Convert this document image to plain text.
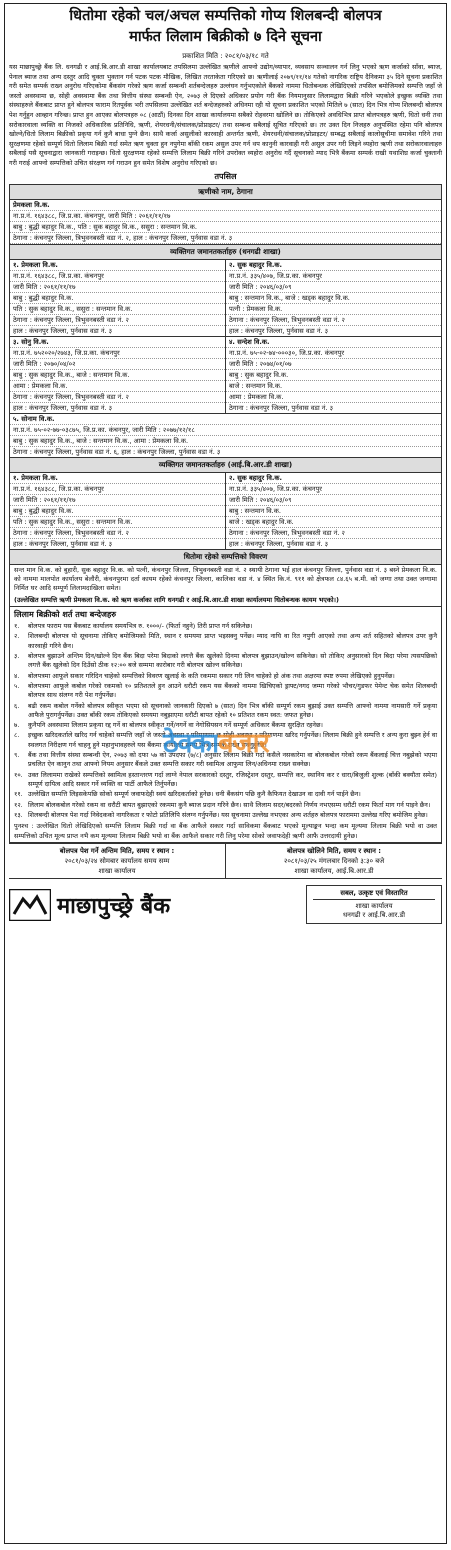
धितोमा रहेको चल/अचल सम्पत्तिको गोप्य शिलबन्दी बोलपत्र
मार्फत लिलाम बिक्रीको ७ दिने सूचना
प्रकाशित मिति : २०८१/०३/१८ गते
यस माछापुच्छ्रे बैंक लि. धनगढी र आई.बि.आर.डी शाखा कार्यालयबाट तपसिलमा उल्लेखित ऋणीले आफ्नो उद्योग/व्यापार, व्यवसाय सञ्चालन गर्न लिनु भएको ऋण कर्जाको साँवा, ब्याज, पेनाल ब्याज तथा अन्य दस्तुर आदि चुक्ता भुक्तान गर्न पटक पटक मौखिक, लिखित तरताकेता गरिएको छ। ऋणीलाई २०७९/११/१४ गतेको नागरिक राष्ट्रिय दैनिकमा ३५ दिने सूचना प्रकाशित गरी समेत सम्पर्क राख्न अनुरोध गरिएकोमा बैंकसंग गरेको ऋण कर्जा सम्बन्धी शर्तबन्देजहरु उल्लंघन गर्नुभएकोले बैंकको नाममा धितोबन्धक लेखिदिएको तपसिल बमोजिमको सम्पत्ति जहाँ जे जस्तो अवस्थामा छ, सोही अवस्थामा बैंक तथा वित्तीय संस्था सम्बन्धी ऐन, २०७३ ले दिएको अधिकार प्रयोग गरी बैंक नियमानुसार लिलामद्वारा बिक्री गरिने भएकोले इच्छुक व्यक्ति तथा संस्थाहरुले बैंकबाट प्राप्त हुने बोलपत्र फाराम रितपूर्वक भरी तपसिलमा उल्लेखित शर्त बन्देजहरुको अधिनमा रही यो सूचना प्रकाशित भएको मितिले ७ (सात) दिन भित्र गोप्य शिलबन्दी बोलपत्र पेश गर्नुहुन आव्हान गरिन्छ। प्राप्त हुन आएका बोलपत्रहरु ०८ (आठौं) दिनका दिन शाखा कार्यालयमा सबैको रोहवरमा खोलिने छ। तोकिएको अवधिभित्र प्राप्त बोलपत्रहरु ऋणी, धितो धनी तथा सरोकारवाला व्यक्ति वा निजको अधिकारिक प्रतिनिधि, ऋणी, शेयरधनी/संचालक/प्रोप्राइटर/ तथा सम्बन्ध सबैलाई सूचित गरिएको छ। तर उक्त दिन निजहरु अनुपस्थित रहेमा पनि बोलपत्र खोल्ने/धितो लिलाम बिक्रीको प्रकृया गर्न कुनै बाधा पुग्ने छैन। साथै कर्जा असुलीको कारवाही अन्तर्गत ऋणी, शेयरधनी/संचालक/प्रोप्राइटर/ सम्बद्ध सबैलाई कालोसूचीमा समावेश गरिने तथा सुरक्षणमा रहेको सम्पूर्ण धितो लिलाम बिक्री गर्दा समेत ऋण चुक्ता हुन नपुगेमा बाँकी रकम असुल उपर गर्न थप कानुनी कारवाही गरी असुल उपर गरी लिइने व्यहोरा ऋणी तथा सरोकारवालाहरु सबैलाई यसै सूचनाद्वारा जानकारी गराइन्छ। धितो सुरक्षणमा रहेको सम्पत्ति लिलाम बिक्री गरिने उपरोक्त व्यहोरा अनुरोध गर्दै सूचनाको म्याद भित्रै बैंकमा सम्पर्क राखी यथाशिघ्र कर्जा चुक्तानी गरी गराई आफ्नो सम्पत्तिको उचित संरक्षण गर्न गराउन हुन समेत विशेष अनुरोध गरिएको छ।
तपसिल
ऋणीको नाम, ठेगाना
प्रेमकला वि.क.
ना.प्र.नं. १६४३८८, जि.प्र.का. कंचनपुर, जारी मिति : २०६१/११/१७
बाबु : बुद्धी बहादुर वि.क., पति : सुक बहादुर वि.क., ससुरा : सन्तमान वि.क.
ठेगाना : कंचनपुर जिल्ला, त्रिभुवनबस्ती वडा नं. २, हाल : कंचनपुर जिल्ला, पुर्नवास वडा नं. ३
व्यक्तिगत जमानतकर्ताहरु (धनगढी शाखा)
१. प्रेमकला वि.क.
ना.प्र.नं. १६४३८८, जि.प्र.का. कंचनपुर
जारी मिति : २०६१/११/१७
बाबु : बुद्धी बहादुर वि.क.
पति : सुक बहादुर वि.क., ससुरा : सन्तमान वि.क.
ठेगाना : कंचनपुर जिल्ला, त्रिभुवनबस्ती वडा नं. २
हाल : कंचनपुर जिल्ला, पुर्नवास वडा नं. ३
२. सुक बहादुर वि.क.
ना.प्र.नं. ३३५/४०७, जि.प्र.का. कंचनपुर
जारी मिति : २०४६/०३/०९
बाबु : सन्तमान वि.क., बाजे : खड्क बहादुर वि.क.
पत्नी : प्रेमकला वि.क.
ठेगाना : कंचनपुर जिल्ला, त्रिभुवनबस्ती वडा नं. २
हाल : कंचनपुर जिल्ला, पुर्नवास वडा नं. ३
३. सोनु वि.क.
ना.प्र.नं. ७५२०२०/२७४३, जि.प्र.का. कंचनपुर
जारी मिति : २०७०/०४/०२
बाबु : सुक बहादुर वि.क., बाजे : सन्तमान वि.क.
आमा : प्रेमकला वि.क.
ठेगाना : कंचनपुर जिल्ला, त्रिभुवनबस्ती वडा नं. २
हाल : कंचनपुर जिल्ला, पुर्नवास वडा नं. ३
४. सन्देश वि.क.
ना.प्र.नं. ७५-०२-७४-०००३०, जि.प्र.का. कंचनपुर
जारी मिति : २०७४/०१/०७
बाबु : सुक बहादुर वि.क.
बाजे : सन्तमान वि.क.
आमा : प्रेमकला वि.क.
ठेगाना : कंचनपुर जिल्ला, पुर्नवास वडा नं. ३
५. सोनाम वि.क.
ना.प्र.नं. ७५-०२-७७-०३८७५, जि.प्र.का. कंचनपुर, जारी मिति : २०७७/१२/१८
बाबु : सुक बहादुर वि.क., बाजे : सन्तमान वि.क., आमा : प्रेमकला वि.क.
ठेगाना : कंचनपुर जिल्ला, पुर्नवास वडा नं. ६, हाल : कंचनपुर जिल्ला, पुर्नवास वडा नं. ३
व्यक्तिगत जमानतकर्ताहरु (आई.बि.आर.डी शाखा)
१. प्रेमकला वि.क.
ना.प्र.नं. १६४३८८, जि.प्र.का. कंचनपुर
जारी मिति : २०६१/११/१७
बाबु : बुद्धी बहादुर वि.क.
पति : सुक बहादुर वि.क., ससुरा : सन्तमान वि.क.
ठेगाना : कंचनपुर जिल्ला, त्रिभुवनबस्ती वडा नं. २
हाल : कंचनपुर जिल्ला, पुर्नवास वडा नं. ३
२. सुक बहादुर वि.क.
ना.प्र.नं. ३३५/४०७, जि.प्र.का. कंचनपुर
जारी मिति : २०४६/०३/०९
बाबु : सन्तमान वि.क.
बाजे : खड्क बहादुर वि.क.
ठेगाना : कंचनपुर जिल्ला, त्रिभुवनबस्ती वडा नं. २
हाल : कंचनपुर जिल्ला, पुर्नवास वडा नं. ३
धितोमा रहेको सम्पत्तिको विवरण
सन्त मान वि.क. को बुहारी, सुक बहादुर वि.क. को पत्नी, कंचनपुर जिल्ला, त्रिभुवनबस्ती वडा नं. २ स्थायी ठेगाना भई हाल कंचनपुर जिल्ला, पुर्नवास वडा नं. ३ बस्ने प्रेमकला वि.क. को नाममा मालपोत कार्यालय बेलौरी, कंचनपुरमा दर्ता कायम रहेको कंचनपुर जिल्ला, कालिका वडा नं. ४ स्थित कि.नं. ९११ को क्षेत्रफल ८४.६५ ब.मी. को जग्गा तथा उक्त जग्गामा निर्मित घर आदि सम्पूर्ण लिलामदाखिला समेत।
(उल्लेखित सम्पत्ति ऋणी प्रेमकला वि.क. को ऋण कर्जाका लागि धनगढी र आई.बि.आर.डी शाखा कार्यालयमा धितोबन्धक कायम भएको।)
लिलाम बिक्रीको शर्त तथा बन्देजहरु
१.	बोलपत्र फाराम यस बैंकबाट कार्यालय समयभित्र रु. १०००/- (फिर्ता नहुने) तिरी प्राप्त गर्न सकिनेछ।
२.	शिलबन्दी बोलपत्र यो सूचनामा तोकिए बमोजिमको मिति, स्थान र समयमा प्राप्त भइसक्नु पर्नेछ। म्याद नाघि वा रित नपुगी आएको तथा अन्य शर्त सहितको बोलपत्र उपर कुनै कारवाही गरिने छैन।
३.	बोलपत्र बुझाउने अन्तिम दिन/खोल्ने दिन बैंक बिदा परेमा बिदाको लगत्तै बैंक खुलेको दिनमा बोलपत्र बुझाउन/खोल्न सकिनेछ। सो तोकिए अनुसारको दिन बिदा परेमा त्यसपछिको लगत्तै बैंक खुलेको दिन दिउँसो ठीक १२:०० बजे सम्ममा कारोबार गरी बोलपत्र खोल्न सकिनेछ।
४.	बोलपत्रमा आफूले सकार गरिदिन चाहेको सम्पत्तिको विवरण खुलाई के कति रकममा सकार गरी लिन चाहेको हो अंक तथा अक्षरमा स्पष्ट रुपमा लेखिएको हुनुपर्नेछ।
५.	बोलपत्रमा आफूले कबोल गरेको रकमको १० प्रतिशतले हुन आउने धरौटी रकम यस बैंकको नाममा खिचिएको ड्राफ्ट/नगद जम्मा गरेको भौचर/गुडफर पेमेन्ट चेक समेत शिलबन्दी बोलपत्र साथ संलग्न गरी पेश गर्नुपर्नेछ।
६.	बढी रकम कबोल गर्नेको बोलपत्र स्वीकृत भएमा सो सूचनाको जानकारी दिएको ७ (सात) दिन भित्र बाँकी सम्पूर्ण रकम बुझाई उक्त सम्पत्ति आफ्नो नाममा नामसारी गर्ने प्रकृया आफैले पुरागर्नुपर्नेछ। उक्त बाँकी रकम तोकिएको समयमा नबुझाएमा धरौटी बापत रहेको १० प्रतिशत रकम स्वत: जफत हुनेछ।
७.	कुनैपनि अवस्थामा लिलाम प्रकृया रद्द गर्ने वा बोलपत्र स्वीकृत गर्ने/नगर्ने वा नेगोसियसन गर्ने सम्पूर्ण अधिकार बैंकमा सुरक्षित रहनेछ।
८.	इच्छुक खरिदकर्ताले खरिद गर्न चाहेको सम्पत्ति जहाँ जे जस्तो अवस्था र परिमाणमा छ सोही अवस्था र परिमाणमा खरिद गर्नुपर्नेछ। लिलाम बिक्री हुने सम्पत्ति र अन्य कुरा बुझ्न हेर्न वा स्थलगत निरीक्षण गर्न चाहनु हुने महानुभावहरुले यस बैंकमा कार्यालय समय भित्र सम्पर्क राख्न सक्नुहुनेछ।
९.	बैंक तथा वित्तीय संस्था सम्बन्धी ऐन, २०७३ को दफा ५७ को उपदफा (७/८) अनुसार लिलाम बिक्री गर्दा कसैले नसकारेमा वा बोलकबोल गरेको रकम बैंकलाई चित्त नबुझेको भएमा प्रचलित ऐन कानुन तथा आफ्नो नियम अनुसार बैंकले उक्त सम्पत्ति सकार गरी स्वामित्व आफुमा लिन/अधिनमा राख्न सक्नेछ।
१०. उक्त लिलाममा राखेको सम्पत्तिको स्वामित्व हस्तान्तरण गर्दा लाग्ने नेपाल सरकारको दस्तुर, रजिस्ट्रेशन दस्तुर, सम्पत्ति कर, स्थानिय कर र धारा/बिजुली शुल्क (बाँकी बक्यौता समेत) सम्पूर्ण दायित्व आदि सकार गर्ने व्यक्ति वा पार्टी आफैले तिर्नुपर्नेछ।
११. उल्लेखित सम्पत्ति लिइसकेपछि सोको सम्पूर्ण जवाफदेही स्वयं खरिदकर्ताको हुनेछ। धनी बैंकसंग पछि कुनै कैफियत देखाउन वा दावी गर्न पाईने छैन।
१२. लिलाम बोलकबोल गरेको रकम वा धरौटी बापत बुझाएको रकममा कुनै ब्याज प्रदान गरिने छैन। साथै लिलाम सदर/बदरको निर्णय नभएसम्म धरौटी रकम फिर्ता माग गर्न पाइने छैन।
१३. शिलबन्दी बोलपत्र पेश गर्दा निवेदकको नागरिकता र फोटो प्रतिलिपि संलग्न गर्नुपर्नेछ। यस सूचनामा उल्लेख नभएका अन्य शर्तहरु बोलपत्र फाराममा उल्लेख गरिए बमोजिम हुनेछ।
पुनश्च : उल्लेखित धितो लेखिदिएको सम्पत्ति लिलाम बिक्री गर्दा वा बैंक आफैले सकार गर्दा साविकमा बैंकबाट भएको मूल्याङ्कन भन्दा कम मूल्यमा लिलाम बिक्री भयो वा उक्त सम्पत्तिको उचित मूल्य प्राप्त नभै कम मूल्यमा लिलाम बिक्री भयो वा बैंक आफैले सकार गरी लिनु परेमा सोको जवाफदेही ऋणी आफै उत्तरदायी हुनेछ।
बोलपत्र पेश गर्ने अन्तिम मिति, समय र स्थान :
२०८१/०३/२४ सोमबार कार्यालय समय सम्म
शाखा कार्यालय
बोलपत्र खोलिने मिति, समय र स्थान :
२०८१/०३/२५ मंगलबार दिनको ३:३० बजे
शाखा कार्यालय, आई.बि.आर.डी
माछापुच्छ्रे बैंक
सबल, उत्कृष्ट एवं विस्तारित
शाखा कार्यालय
धनगढी र आई.बि.आर.डी
ठेक्काबजार
